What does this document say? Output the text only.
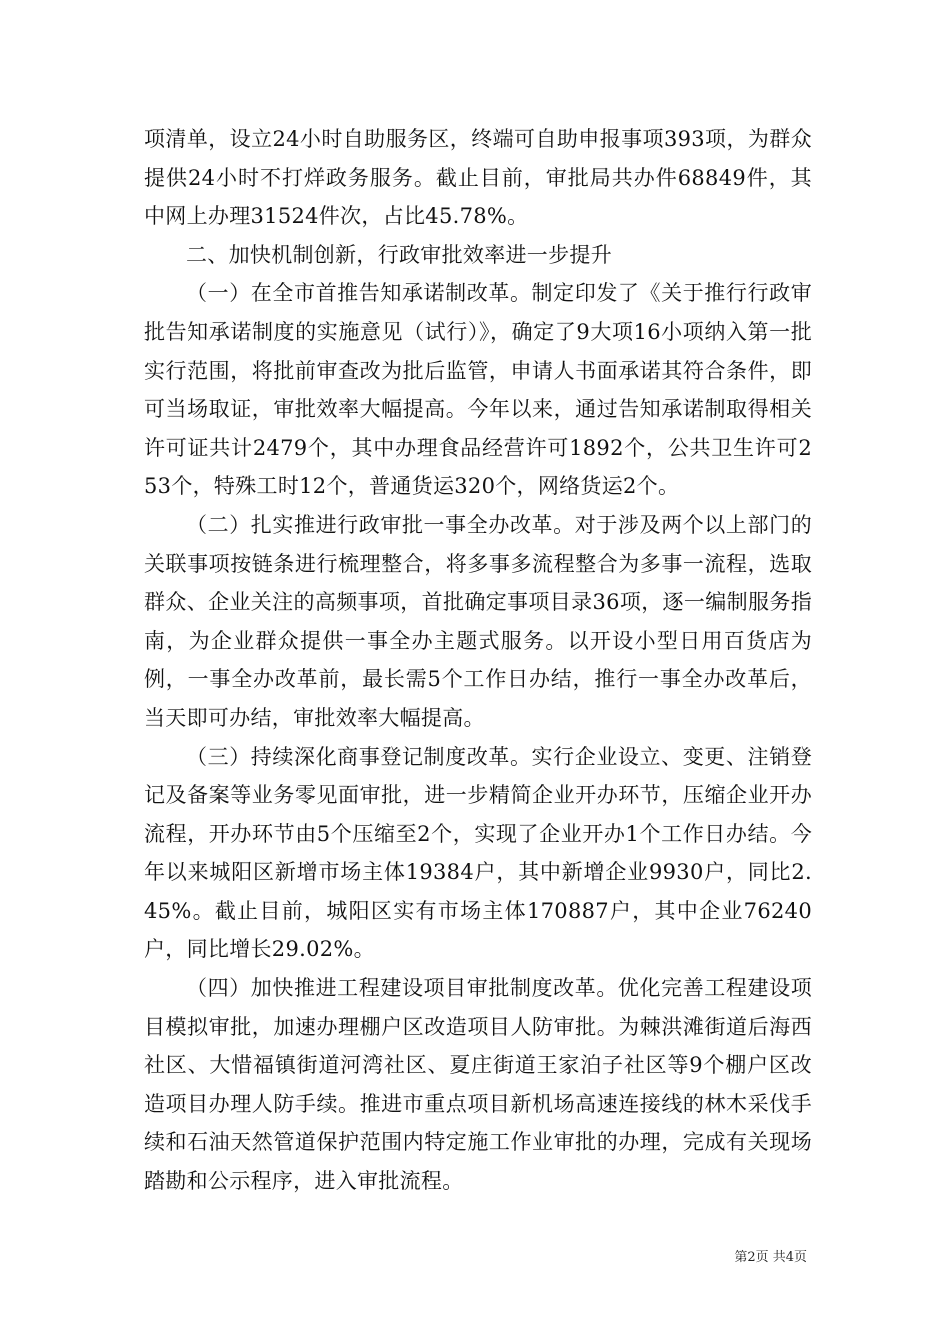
项清单，设立24小时自助服务区，终端可自助申报事项393项，为群众提供24小时不打烊政务服务。截止目前，审批局共办件68849件，其中网上办理31524件次，占比45.78%。

二、加快机制创新，行政审批效率进一步提升

（一）在全市首推告知承诺制改革。制定印发了《关于推行行政审批告知承诺制度的实施意见（试行）》，确定了9大项16小项纳入第一批实行范围，将批前审查改为批后监管，申请人书面承诺其符合条件，即可当场取证，审批效率大幅提高。今年以来，通过告知承诺制取得相关许可证共计2479个，其中办理食品经营许可1892个，公共卫生许可253个，特殊工时12个，普通货运320个，网络货运2个。

（二）扎实推进行政审批一事全办改革。对于涉及两个以上部门的关联事项按链条进行梳理整合，将多事多流程整合为多事一流程，选取群众、企业关注的高频事项，首批确定事项目录36项，逐一编制服务指南，为企业群众提供一事全办主题式服务。以开设小型日用百货店为例，一事全办改革前，最长需5个工作日办结，推行一事全办改革后，当天即可办结，审批效率大幅提高。

（三）持续深化商事登记制度改革。实行企业设立、变更、注销登记及备案等业务零见面审批，进一步精简企业开办环节，压缩企业开办流程，开办环节由5个压缩至2个，实现了企业开办1个工作日办结。今年以来城阳区新增市场主体19384户，其中新增企业9930户，同比2.45%。截止目前，城阳区实有市场主体170887户，其中企业76240户，同比增长29.02%。

（四）加快推进工程建设项目审批制度改革。优化完善工程建设项目模拟审批，加速办理棚户区改造项目人防审批。为棘洪滩街道后海西社区、大惜福镇街道河湾社区、夏庄街道王家泊子社区等9个棚户区改造项目办理人防手续。推进市重点项目新机场高速连接线的林木采伐手续和石油天然管道保护范围内特定施工作业审批的办理，完成有关现场踏勘和公示程序，进入审批流程。

第2页 共4页
